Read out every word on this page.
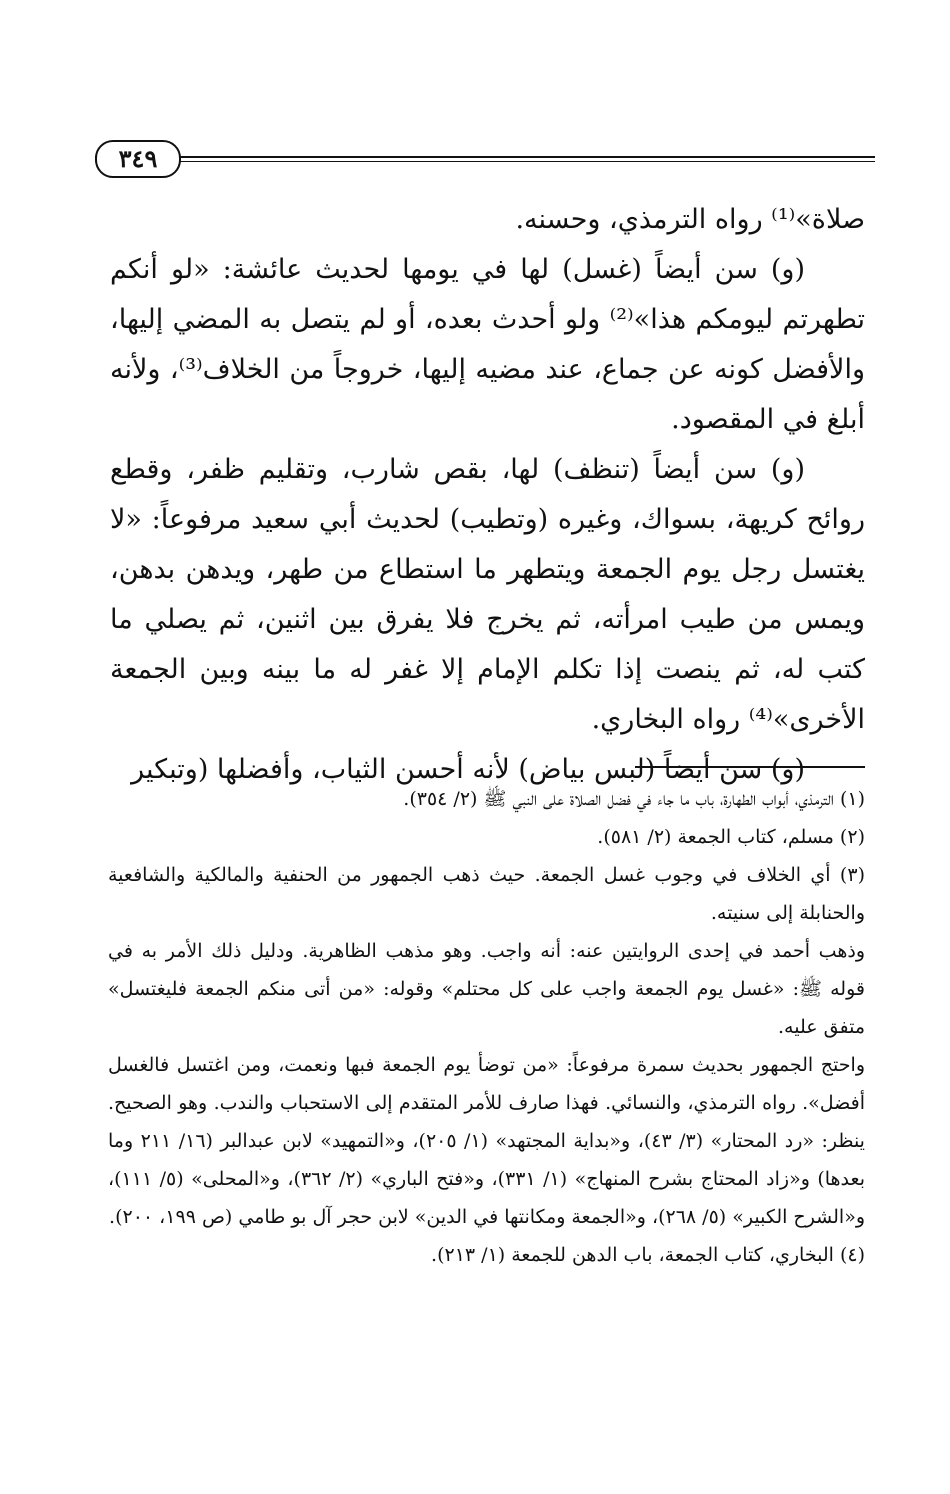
٣٤٩

صلاة»⁽¹⁾ رواه الترمذي، وحسنه.

(و) سن أيضاً (غسل) لها في يومها لحديث عائشة: «لو أنكم تطهرتم ليومكم هذا»⁽²⁾ ولو أحدث بعده، أو لم يتصل به المضي إليها، والأفضل كونه عن جماع، عند مضيه إليها، خروجاً من الخلاف⁽³⁾، ولأنه أبلغ في المقصود.

(و) سن أيضاً (تنظف) لها، بقص شارب، وتقليم ظفر، وقطع روائح كريهة، بسواك، وغيره (وتطيب) لحديث أبي سعيد مرفوعاً: «لا يغتسل رجل يوم الجمعة ويتطهر ما استطاع من طهر، ويدهن بدهن، ويمس من طيب امرأته، ثم يخرج فلا يفرق بين اثنين، ثم يصلي ما كتب له، ثم ينصت إذا تكلم الإمام إلا غفر له ما بينه وبين الجمعة الأخرى»⁽⁴⁾ رواه البخاري.

(و) سن أيضاً (لبس بياض) لأنه أحسن الثياب، وأفضلها (وتبكير

(١) الترمذي، أبواب الطهارة، باب ما جاء في فضل الصلاة على النبي ﷺ (٢/ ٣٥٤).

(٢) مسلم، كتاب الجمعة (٢/ ٥٨١).

(٣) أي الخلاف في وجوب غسل الجمعة. حيث ذهب الجمهور من الحنفية والمالكية والشافعية والحنابلة إلى سنيته.

وذهب أحمد في إحدى الروايتين عنه: أنه واجب. وهو مذهب الظاهرية. ودليل ذلك الأمر به في قوله ﷺ: «غسل يوم الجمعة واجب على كل محتلم» وقوله: «من أتى منكم الجمعة فليغتسل» متفق عليه.

واحتج الجمهور بحديث سمرة مرفوعاً: «من توضأ يوم الجمعة فبها ونعمت، ومن اغتسل فالغسل أفضل». رواه الترمذي، والنسائي. فهذا صارف للأمر المتقدم إلى الاستحباب والندب. وهو الصحيح. ينظر: «رد المحتار» (٣/ ٤٣)، و«بداية المجتهد» (١/ ٢٠٥)، و«التمهيد» لابن عبدالبر (١٦/ ٢١١ وما بعدها) و«زاد المحتاج بشرح المنهاج» (١/ ٣٣١)، و«فتح الباري» (٢/ ٣٦٢)، و«المحلى» (٥/ ١١١)، و«الشرح الكبير» (٥/ ٢٦٨)، و«الجمعة ومكانتها في الدين» لابن حجر آل بو طامي (ص ١٩٩، ٢٠٠).

(٤) البخاري، كتاب الجمعة، باب الدهن للجمعة (١/ ٢١٣).
